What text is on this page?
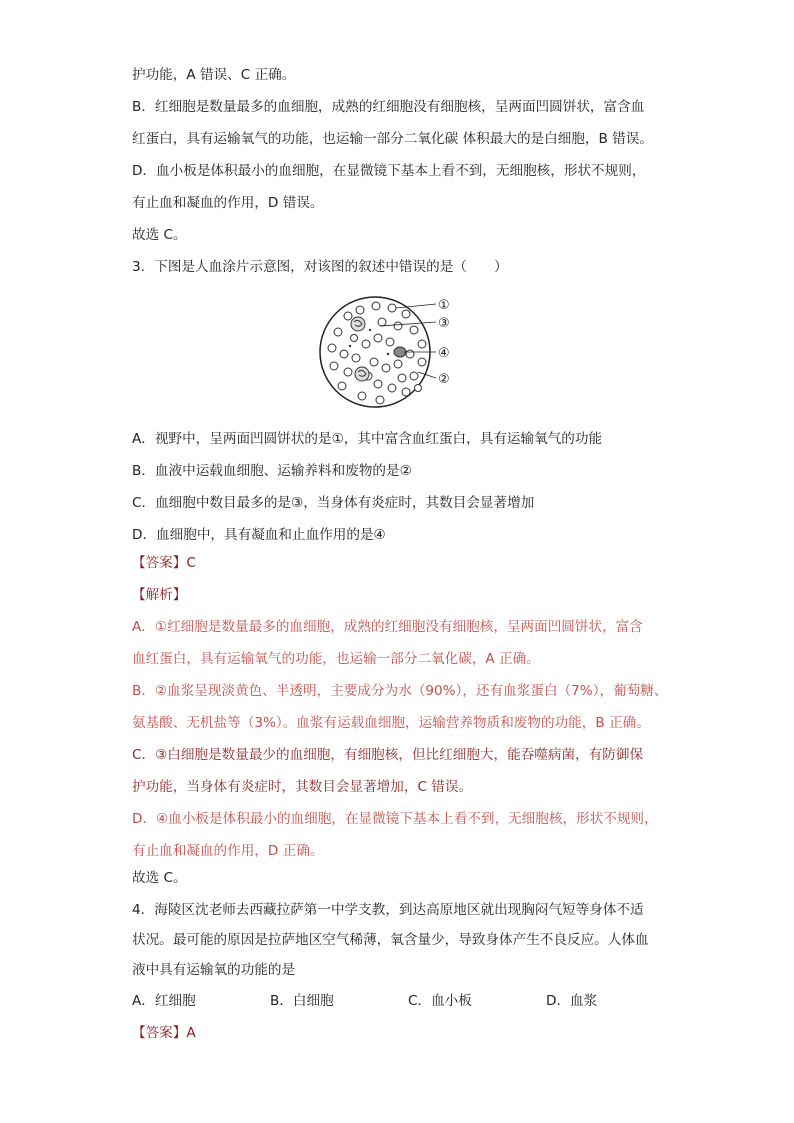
护功能，A 错误、C 正确。
B．红细胞是数量最多的血细胞，成熟的红细胞没有细胞核，呈两面凹圆饼状，富含血
红蛋白，具有运输氧气的功能，也运输一部分二氧化碳 体积最大的是白细胞，B 错误。
D．血小板是体积最小的血细胞，在显微镜下基本上看不到，无细胞核，形状不规则，
有止血和凝血的作用，D 错误。
故选 C。
3．下图是人血涂片示意图，对该图的叙述中错误的是（　　）
①
③
④
②
A．视野中，呈两面凹圆饼状的是①，其中富含血红蛋白，具有运输氧气的功能
B．血液中运载血细胞、运输养料和废物的是②
C．血细胞中数目最多的是③，当身体有炎症时，其数目会显著增加
D．血细胞中，具有凝血和止血作用的是④
【答案】C
【解析】
A．①红细胞是数量最多的血细胞，成熟的红细胞没有细胞核，呈两面凹圆饼状，富含
血红蛋白，具有运输氧气的功能，也运输一部分二氧化碳，A 正确。
B．②血浆呈现淡黄色、半透明，主要成分为水（90%），还有血浆蛋白（7%），葡萄糖、
氨基酸、无机盐等（3%）。血浆有运载血细胞，运输营养物质和废物的功能，B 正确。
C．③白细胞是数量最少的血细胞，有细胞核，但比红细胞大，能吞噬病菌，有防御保
护功能，当身体有炎症时，其数目会显著增加，C 错误。
D．④血小板是体积最小的血细胞，在显微镜下基本上看不到，无细胞核，形状不规则，
有止血和凝血的作用，D 正确。
故选 C。
4．海陵区沈老师去西藏拉萨第一中学支教，到达高原地区就出现胸闷气短等身体不适
状况。最可能的原因是拉萨地区空气稀薄，氧含量少，导致身体产生不良反应。人体血
液中具有运输氧的功能的是
A．红细胞	B．白细胞	C．血小板	D．血浆
【答案】A
